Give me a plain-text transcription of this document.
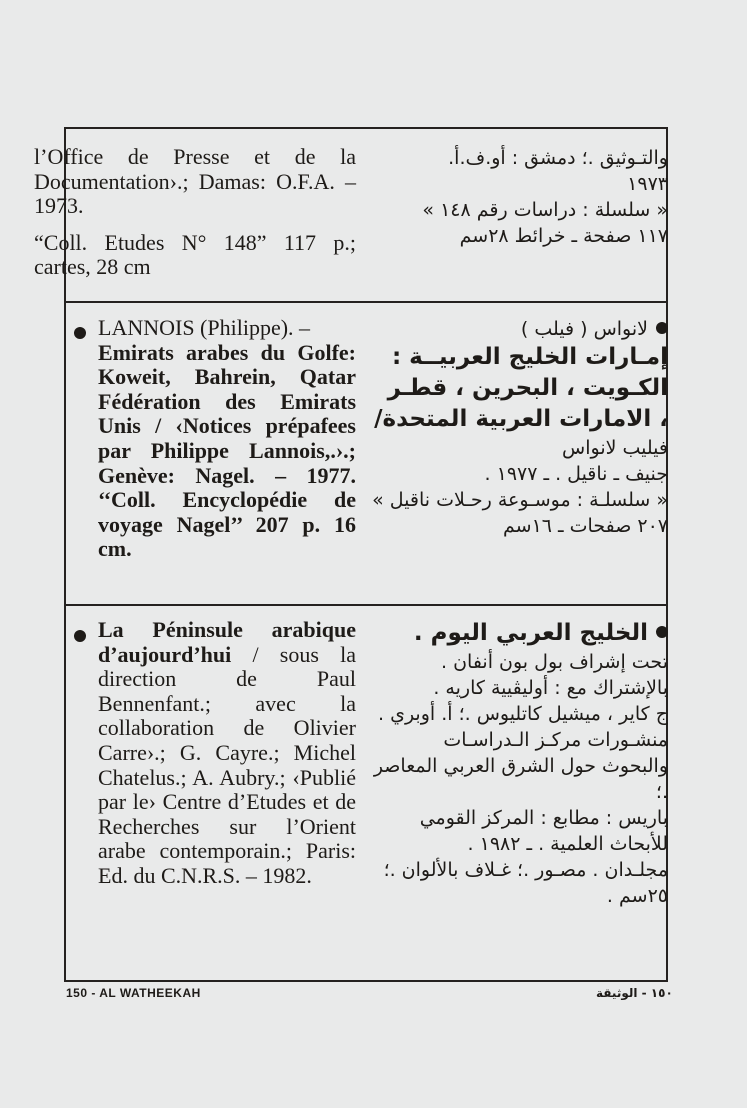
l’Office de Presse et de la Documentation›.; Damas: O.F.A. – 1973.

“Coll. Etudes N° 148” 117 p.; cartes, 28 cm

والتـوثيق .؛ دمشق : أو.ف.أ.

١٩٧٣

« سلسلة : دراسات رقم ١٤٨ »

١١٧ صفحة ـ خرائط ٢٨سم

LANNOIS (Philippe). –

Emirats arabes du Golfe: Koweit, Bahrein, Qatar Fédération des Emirats Unis / ‹Notices prépafees par Philippe Lannois,.›.; Genève: Nagel. – 1977. ‘‘Coll. Encyclopédie de voyage Nagel’’ 207 p. 16 cm.

لانواس ( فيلب )

إمـارات الخليج العربيــة : الكـويت ، البحرين ، قطـر ، الامارات العربية المتحدة/

فيليب لانواس

جنيف ـ ناقيل . ـ ١٩٧٧ .

« سلسلـة : موسـوعة رحـلات ناقيل »

٢٠٧ صفحات ـ ١٦سم

La Péninsule arabique d’aujourd’hui / sous la direction de Paul Bennenfant.; avec la collaboration de Olivier Carre›.; G. Cayre.; Michel Chatelus.; A. Aubry.; ‹Publié par le› Centre d’Etudes et de Recherches sur l’Orient arabe contemporain.; Paris: Ed. du C.N.R.S. – 1982.

الخليج العربي اليوم .

تحت إشراف بول بون أنفان .

بالإشتراك مع : أوليڤيية كاريه .

ج كاير ، ميشيل كاتليوس .؛ أ. أوبري .

منشـورات مركـز الـدراسـات والبحوث حول الشرق العربي المعاصر .؛

باريس : مطابع : المركز القومي للأبحاث العلمية . ـ ١٩٨٢ .

مجلـدان . مصـور .؛ غـلاف بالألوان .؛ ٢٥سم .

150 - AL WATHEEKAH	١٥٠ - الوثيقة
